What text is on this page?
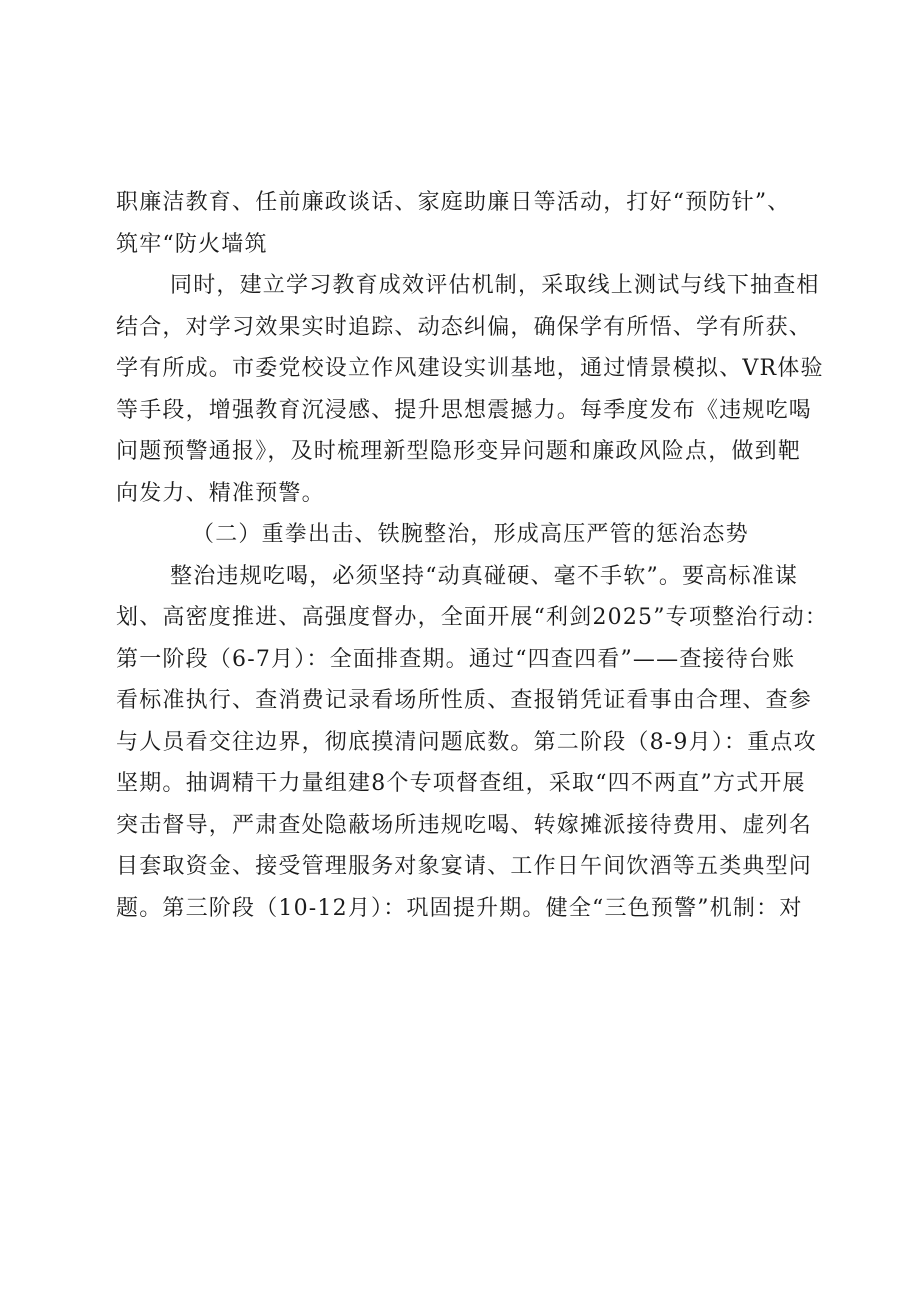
职廉洁教育、任前廉政谈话、家庭助廉日等活动，打好“预防针”、
筑牢“防火墙筑
同时，建立学习教育成效评估机制，采取线上测试与线下抽查相
结合，对学习效果实时追踪、动态纠偏，确保学有所悟、学有所获、
学有所成。市委党校设立作风建设实训基地，通过情景模拟、VR体验
等手段，增强教育沉浸感、提升思想震撼力。每季度发布《违规吃喝
问题预警通报》，及时梳理新型隐形变异问题和廉政风险点，做到靶
向发力、精准预警。
（二）重拳出击、铁腕整治，形成高压严管的惩治态势
整治违规吃喝，必须坚持“动真碰硬、毫不手软”。要高标准谋
划、高密度推进、高强度督办，全面开展“利剑2025”专项整治行动：
第一阶段（6-7月）：全面排查期。通过“四查四看”——查接待台账
看标准执行、查消费记录看场所性质、查报销凭证看事由合理、查参
与人员看交往边界，彻底摸清问题底数。第二阶段（8-9月）：重点攻
坚期。抽调精干力量组建8个专项督查组，采取“四不两直”方式开展
突击督导，严肃查处隐蔽场所违规吃喝、转嫁摊派接待费用、虚列名
目套取资金、接受管理服务对象宴请、工作日午间饮酒等五类典型问
题。第三阶段（10-12月）：巩固提升期。健全“三色预警”机制：对
